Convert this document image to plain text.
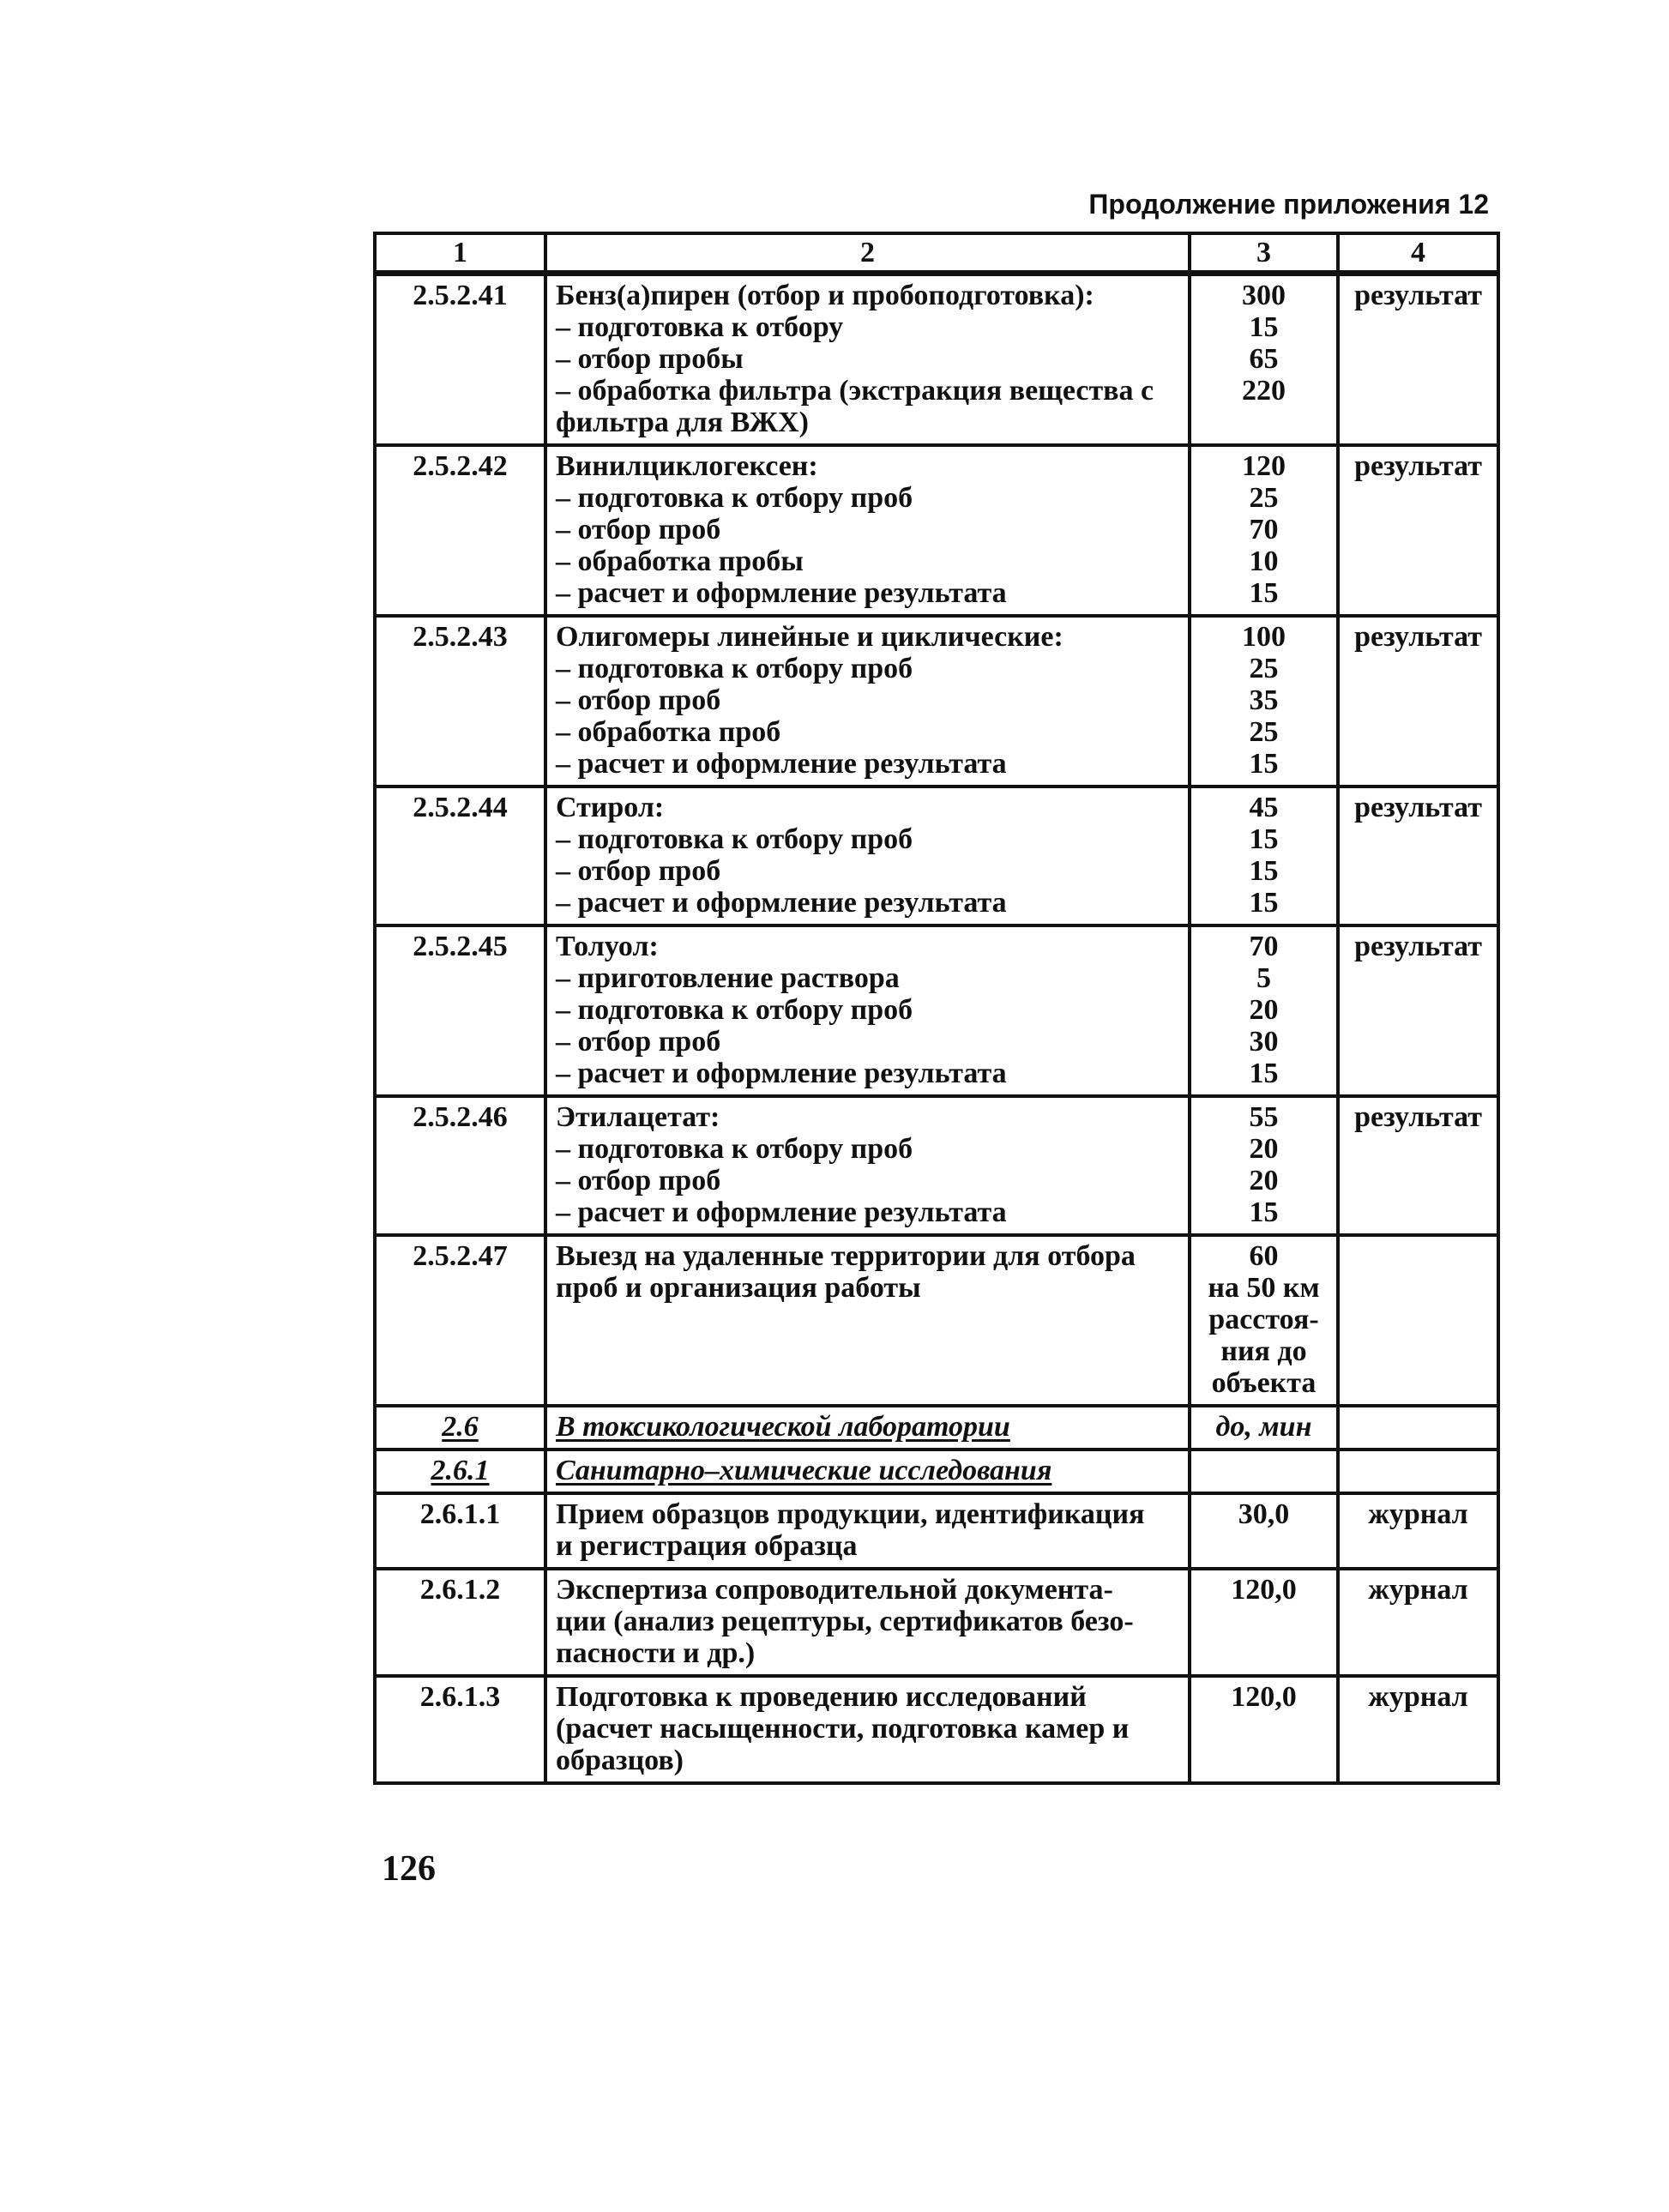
Продолжение приложения 12
1	2	3	4
2.5.2.41	Бенз(а)пирен (отбор и пробоподготовка):
– подготовка к отбору
– отбор пробы
– обработка фильтра (экстракция вещества с
фильтра для ВЖХ)	300
15
65
220	результат
2.5.2.42	Винилциклогексен:
– подготовка к отбору проб
– отбор проб
– обработка пробы
– расчет и оформление результата	120
25
70
10
15	результат
2.5.2.43	Олигомеры линейные и циклические:
– подготовка к отбору проб
– отбор проб
– обработка проб
– расчет и оформление результата	100
25
35
25
15	результат
2.5.2.44	Стирол:
– подготовка к отбору проб
– отбор проб
– расчет и оформление результата	45
15
15
15	результат
2.5.2.45	Толуол:
– приготовление раствора
– подготовка к отбору проб
– отбор проб
– расчет и оформление результата	70
5
20
30
15	результат
2.5.2.46	Этилацетат:
– подготовка к отбору проб
– отбор проб
– расчет и оформление результата	55
20
20
15	результат
2.5.2.47	Выезд на удаленные территории для отбора
проб и организация работы	60
на 50 км
расстоя-
ния до
объекта	

2.6	В токсикологической лаборатории	до, мин	

2.6.1	Санитарно–химические исследования		

2.6.1.1	Прием образцов продукции, идентификация
и регистрация образца	30,0	журнал
2.6.1.2	Экспертиза сопроводительной документа-
ции (анализ рецептуры, сертификатов безо-
пасности и др.)	120,0	журнал
2.6.1.3	Подготовка к проведению исследований
(расчет насыщенности, подготовка камер и
образцов)	120,0	журнал
126
